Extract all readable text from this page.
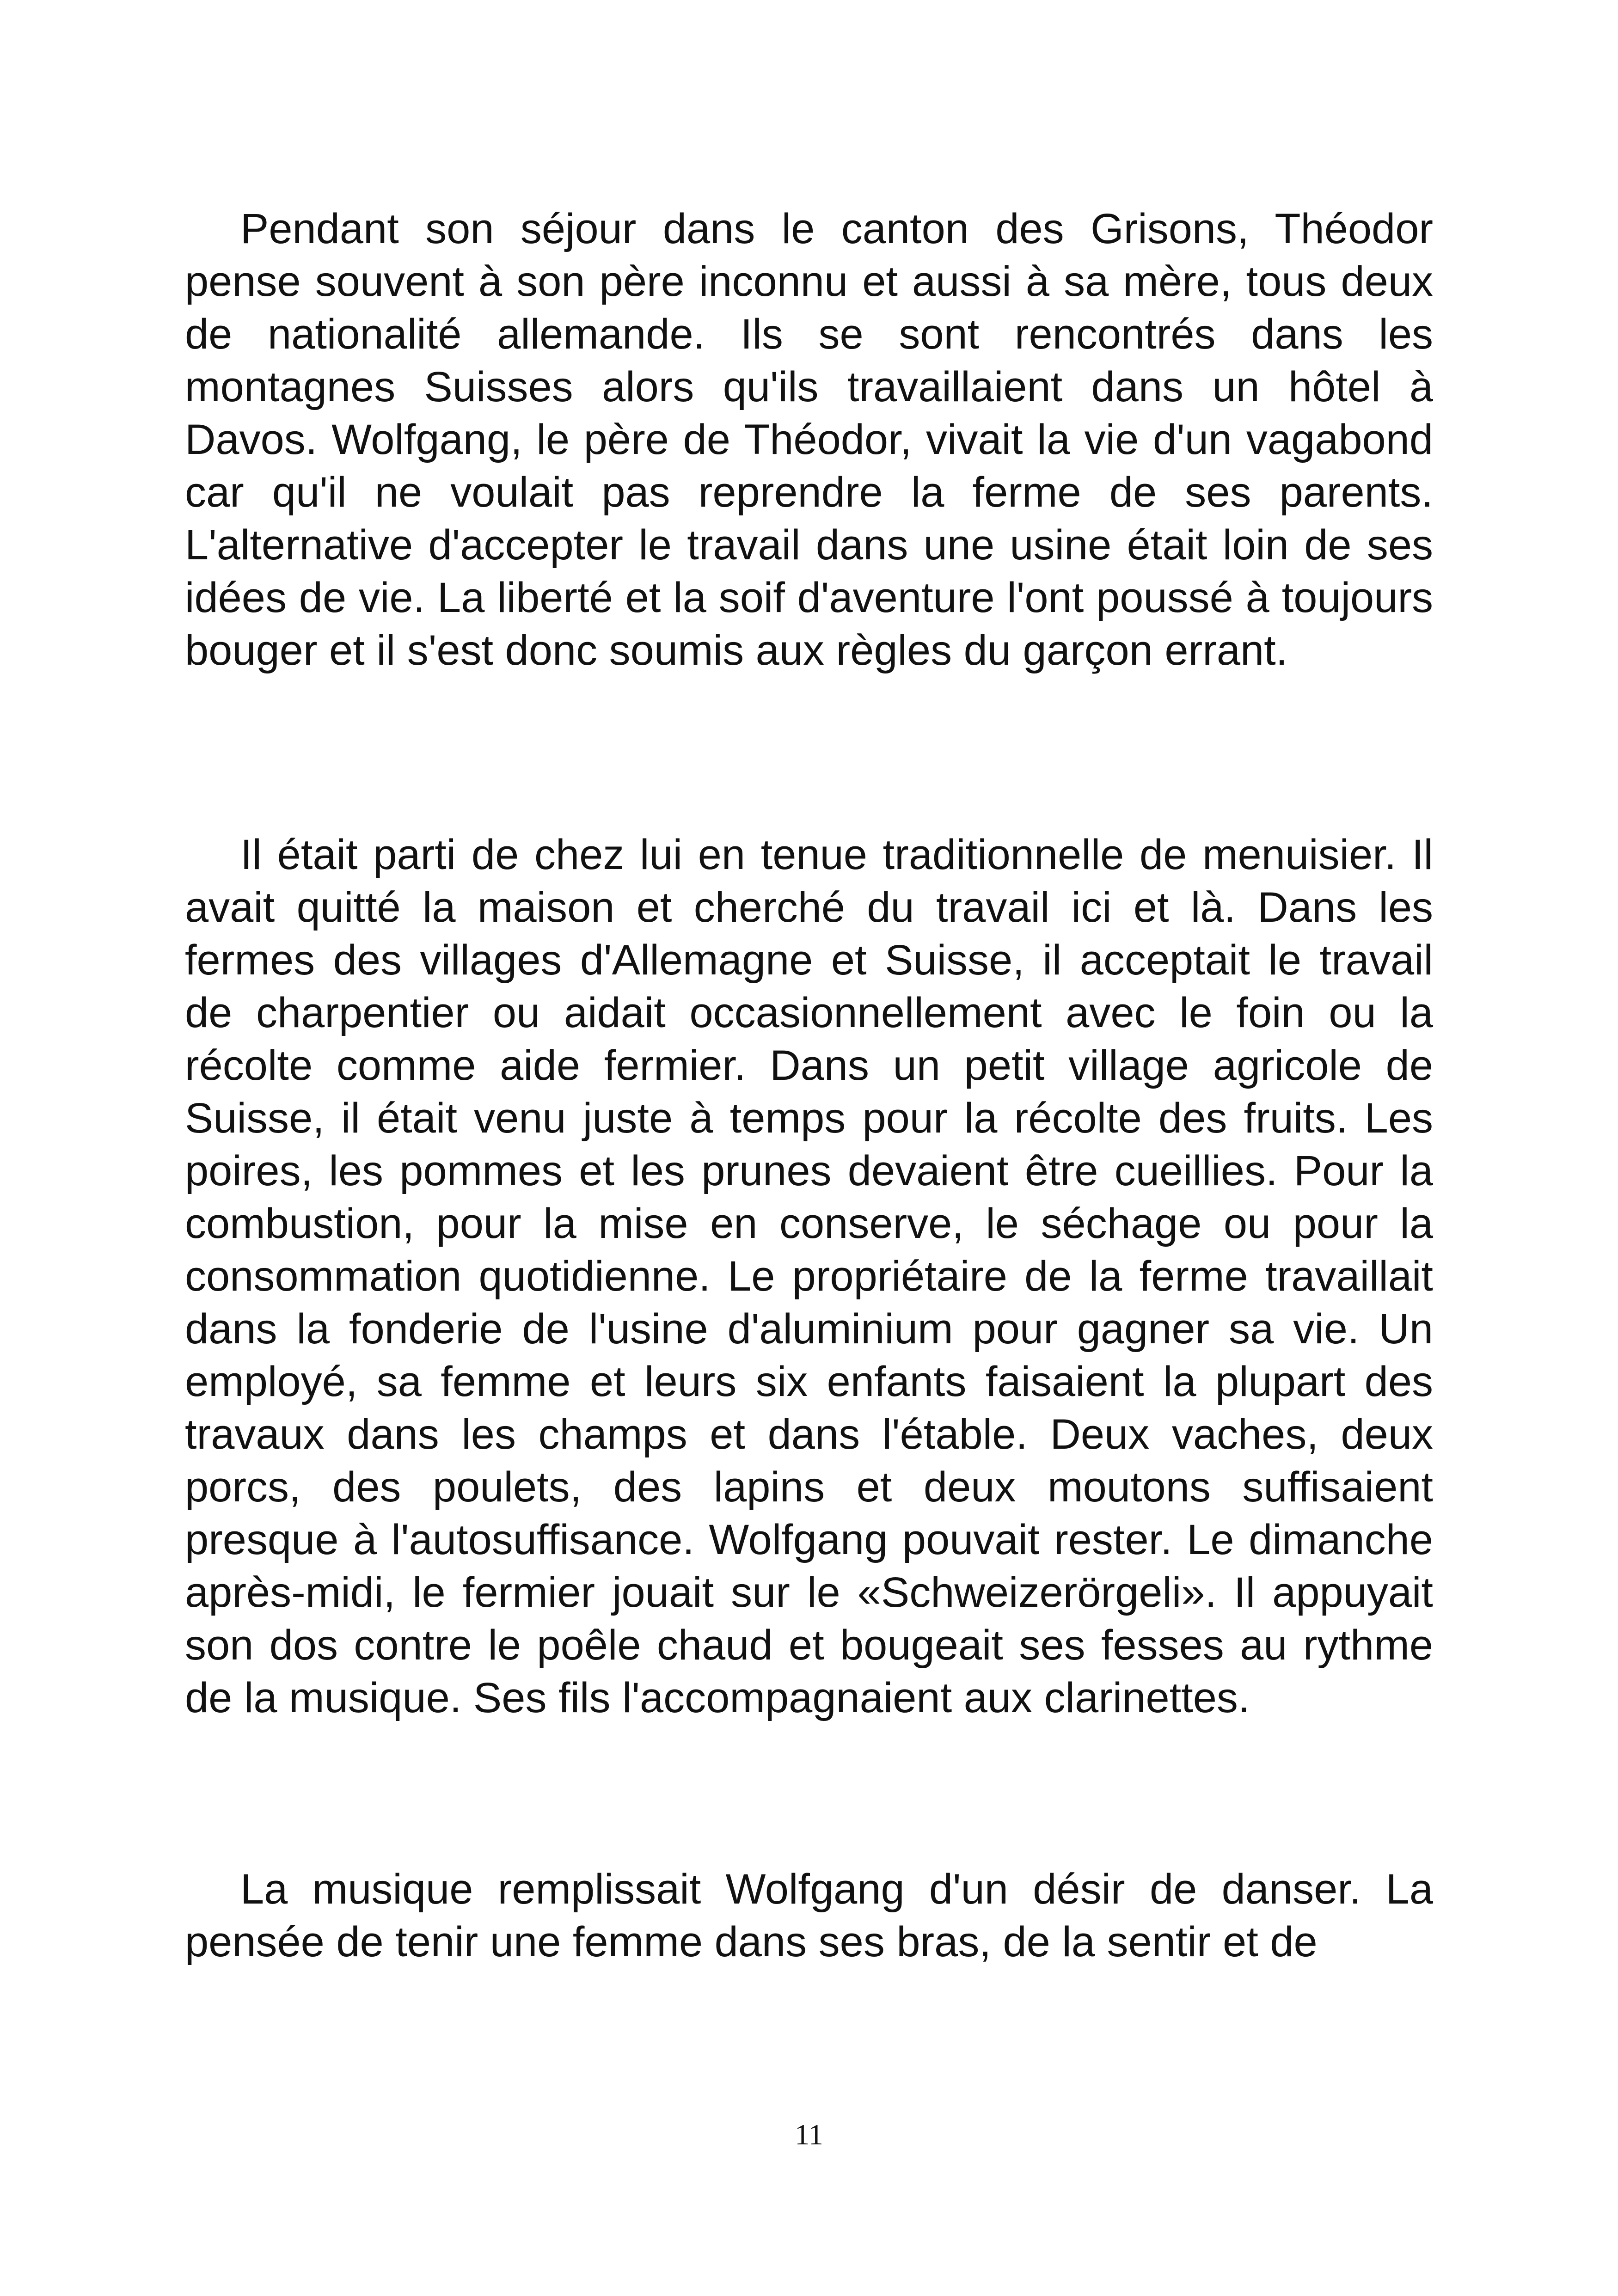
Pendant son séjour dans le canton des Grisons, Théodor pense souvent à son père inconnu et aussi à sa mère, tous deux de nationalité allemande. Ils se sont rencontrés dans les montagnes Suisses alors qu'ils travaillaient dans un hôtel à Davos. Wolfgang, le père de Théodor, vivait la vie d'un vagabond car qu'il ne voulait pas reprendre la ferme de ses parents. L'alternative d'accepter le travail dans une usine était loin de ses idées de vie. La liberté et la soif d'aventure l'ont poussé à toujours bouger et il s'est donc soumis aux règles du garçon errant.

Il était parti de chez lui en tenue traditionnelle de menuisier. Il avait quitté la maison et cherché du travail ici et là. Dans les fermes des villages d'Allemagne et Suisse, il acceptait le travail de charpentier ou aidait occasionnellement avec le foin ou la récolte comme aide fermier. Dans un petit village agricole de Suisse, il était venu juste à temps pour la récolte des fruits. Les poires, les pommes et les prunes devaient être cueillies. Pour la combustion, pour la mise en conserve, le séchage ou pour la consommation quotidienne. Le propriétaire de la ferme travaillait dans la fonderie de l'usine d'aluminium pour gagner sa vie. Un employé, sa femme et leurs six enfants faisaient la plupart des travaux dans les champs et dans l'étable. Deux vaches, deux porcs, des poulets, des lapins et deux moutons suffisaient presque à l'autosuffisance. Wolfgang pouvait rester. Le dimanche après-midi, le fermier jouait sur le «Schweizerörgeli». Il appuyait son dos contre le poêle chaud et bougeait ses fesses au rythme de la musique. Ses fils l'accompagnaient aux clarinettes.

La musique remplissait Wolfgang d'un désir de danser. La pensée de tenir une femme dans ses bras, de la sentir et de

11
